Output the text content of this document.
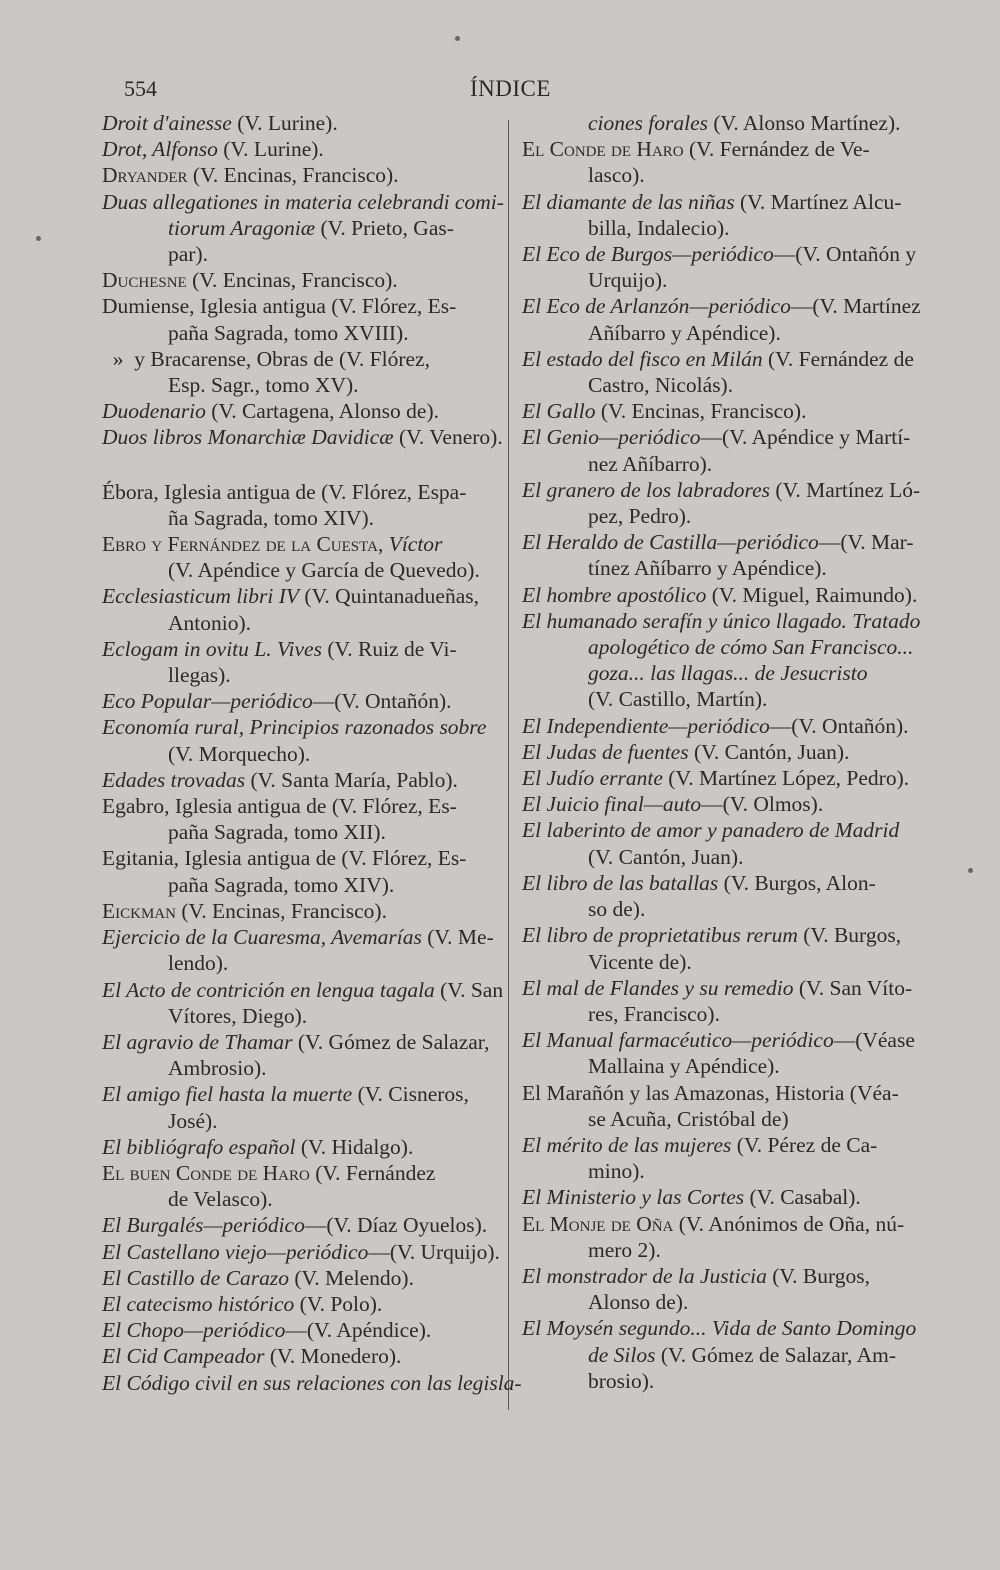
554	ÍNDICE

Droit d'ainesse (V. Lurine).

Drot, Alfonso (V. Lurine).

Dryander (V. Encinas, Francisco).

Duas allegationes in materia celebrandi comi-
tiorum Aragoniæ (V. Prieto, Gas-

par).

Duchesne (V. Encinas, Francisco).

Dumiense, Iglesia antigua (V. Flórez, Es-
paña Sagrada, tomo XVIII).

»  y Bracarense, Obras de (V. Flórez,
Esp. Sagr., tomo XV).

Duodenario (V. Cartagena, Alonso de).

Duos libros Monarchiæ Davidicæ (V. Venero).

Ébora, Iglesia antigua de (V. Flórez, Espa-
ña Sagrada, tomo XIV).

Ebro y Fernández de la Cuesta, Víctor
(V. Apéndice y García de Quevedo).

Ecclesiasticum libri IV (V. Quintanadueñas,
Antonio).

Eclogam in ovitu L. Vives (V. Ruiz de Vi-
llegas).

Eco Popular—periódico—(V. Ontañón).

Economía rural, Principios razonados sobre
(V. Morquecho).

Edades trovadas (V. Santa María, Pablo).

Egabro, Iglesia antigua de (V. Flórez, Es-
paña Sagrada, tomo XII).

Egitania, Iglesia antigua de (V. Flórez, Es-
paña Sagrada, tomo XIV).

Eickman (V. Encinas, Francisco).

Ejercicio de la Cuaresma, Avemarías (V. Me-
lendo).

El Acto de contrición en lengua tagala (V. San
Vítores, Diego).

El agravio de Thamar (V. Gómez de Salazar,
Ambrosio).

El amigo fiel hasta la muerte (V. Cisneros,
José).

El bibliógrafo español (V. Hidalgo).

El buen Conde de Haro (V. Fernández
de Velasco).

El Burgalés—periódico—(V. Díaz Oyuelos).

El Castellano viejo—periódico—(V. Urquijo).

El Castillo de Carazo (V. Melendo).

El catecismo histórico (V. Polo).

El Chopo—periódico—(V. Apéndice).

El Cid Campeador (V. Monedero).

El Código civil en sus relaciones con las legisla-

ciones forales (V. Alonso Martínez).

El Conde de Haro (V. Fernández de Ve-
lasco).

El diamante de las niñas (V. Martínez Alcu-
billa, Indalecio).

El Eco de Burgos—periódico—(V. Ontañón y
Urquijo).

El Eco de Arlanzón—periódico—(V. Martínez
Añíbarro y Apéndice).

El estado del fisco en Milán (V. Fernández de
Castro, Nicolás).

El Gallo (V. Encinas, Francisco).

El Genio—periódico—(V. Apéndice y Martí-
nez Añíbarro).

El granero de los labradores (V. Martínez Ló-
pez, Pedro).

El Heraldo de Castilla—periódico—(V. Mar-
tínez Añíbarro y Apéndice).

El hombre apostólico (V. Miguel, Raimundo).

El humanado serafín y único llagado. Tratado
apologético de cómo San Francisco...

goza... las llagas... de Jesucristo

(V. Castillo, Martín).

El Independiente—periódico—(V. Ontañón).

El Judas de fuentes (V. Cantón, Juan).

El Judío errante (V. Martínez López, Pedro).

El Juicio final—auto—(V. Olmos).

El laberinto de amor y panadero de Madrid
(V. Cantón, Juan).

El libro de las batallas (V. Burgos, Alon-
so de).

El libro de proprietatibus rerum (V. Burgos,
Vicente de).

El mal de Flandes y su remedio (V. San Vítо-
res, Francisco).

El Manual farmacéutico—periódico—(Véase
Mallaina y Apéndice).

El Marañón y las Amazonas, Historia (Véa-
se Acuña, Cristóbal de)

El mérito de las mujeres (V. Pérez de Ca-
mino).

El Ministerio y las Cortes (V. Casabal).

El Monje de Oña (V. Anónimos de Oña, nú-
mero 2).

El monstrador de la Justicia (V. Burgos,
Alonso de).

El Moysén segundo... Vida de Santo Domingo
de Silos (V. Gómez de Salazar, Am-

brosio).
